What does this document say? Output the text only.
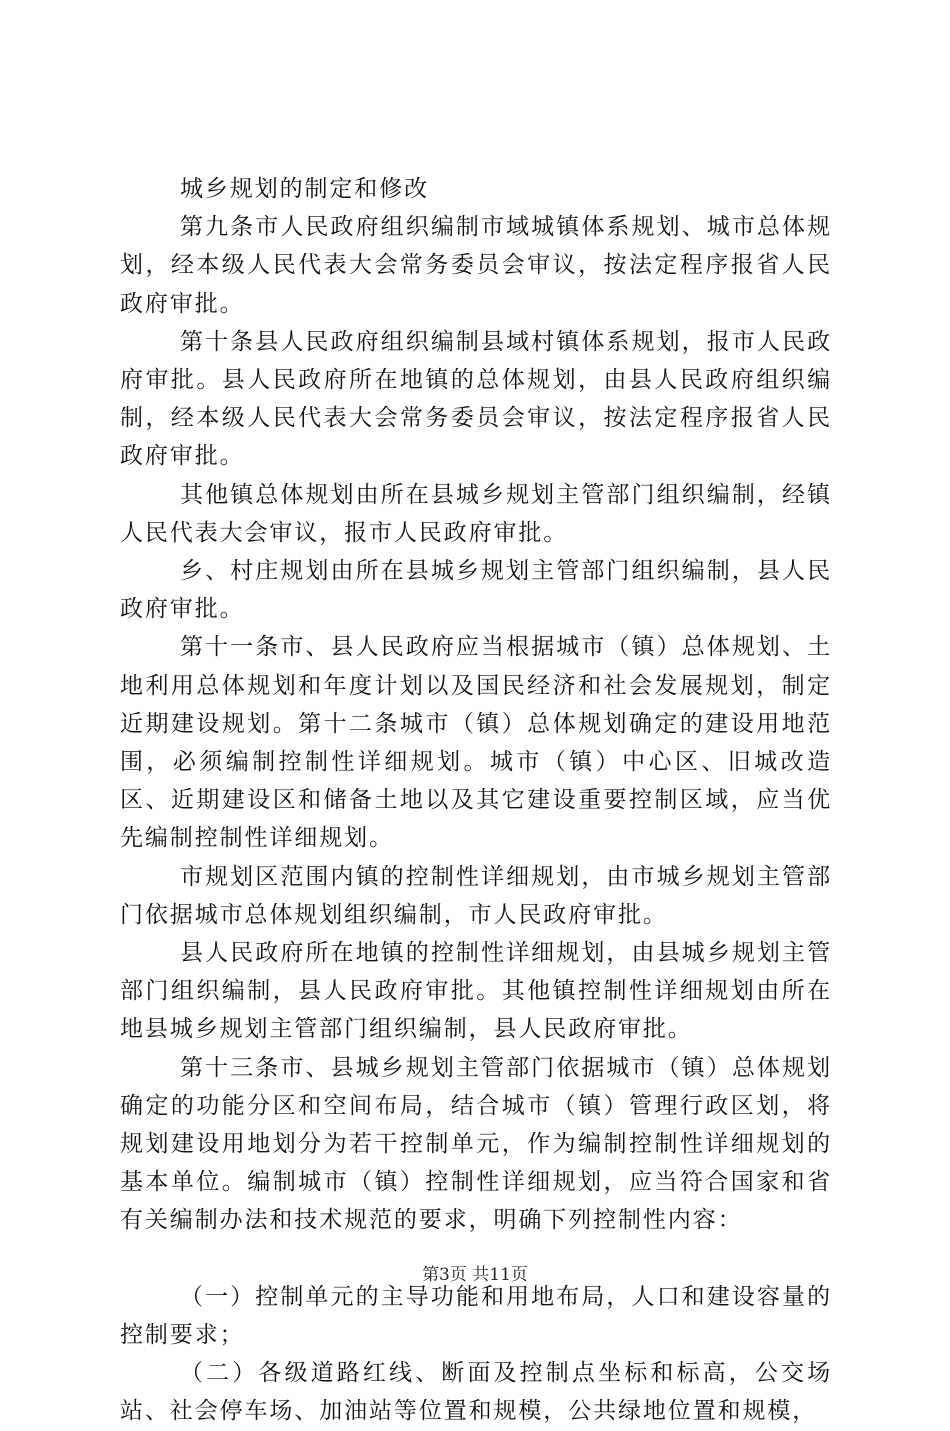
城乡规划的制定和修改

第九条市人民政府组织编制市域城镇体系规划、城市总体规划，经本级人民代表大会常务委员会审议，按法定程序报省人民政府审批。

第十条县人民政府组织编制县域村镇体系规划，报市人民政府审批。县人民政府所在地镇的总体规划，由县人民政府组织编制，经本级人民代表大会常务委员会审议，按法定程序报省人民政府审批。

其他镇总体规划由所在县城乡规划主管部门组织编制，经镇人民代表大会审议，报市人民政府审批。

乡、村庄规划由所在县城乡规划主管部门组织编制，县人民政府审批。

第十一条市、县人民政府应当根据城市（镇）总体规划、土地利用总体规划和年度计划以及国民经济和社会发展规划，制定近期建设规划。第十二条城市（镇）总体规划确定的建设用地范围，必须编制控制性详细规划。城市（镇）中心区、旧城改造区、近期建设区和储备土地以及其它建设重要控制区域，应当优先编制控制性详细规划。

市规划区范围内镇的控制性详细规划，由市城乡规划主管部门依据城市总体规划组织编制，市人民政府审批。

县人民政府所在地镇的控制性详细规划，由县城乡规划主管部门组织编制，县人民政府审批。其他镇控制性详细规划由所在地县城乡规划主管部门组织编制，县人民政府审批。

第十三条市、县城乡规划主管部门依据城市（镇）总体规划确定的功能分区和空间布局，结合城市（镇）管理行政区划，将规划建设用地划分为若干控制单元，作为编制控制性详细规划的基本单位。编制城市（镇）控制性详细规划，应当符合国家和省有关编制办法和技术规范的要求，明确下列控制性内容：

（一）控制单元的主导功能和用地布局，人口和建设容量的控制要求；

（二）各级道路红线、断面及控制点坐标和标高，公交场站、社会停车场、加油站等位置和规模，公共绿地位置和规模，

第3页 共11页
